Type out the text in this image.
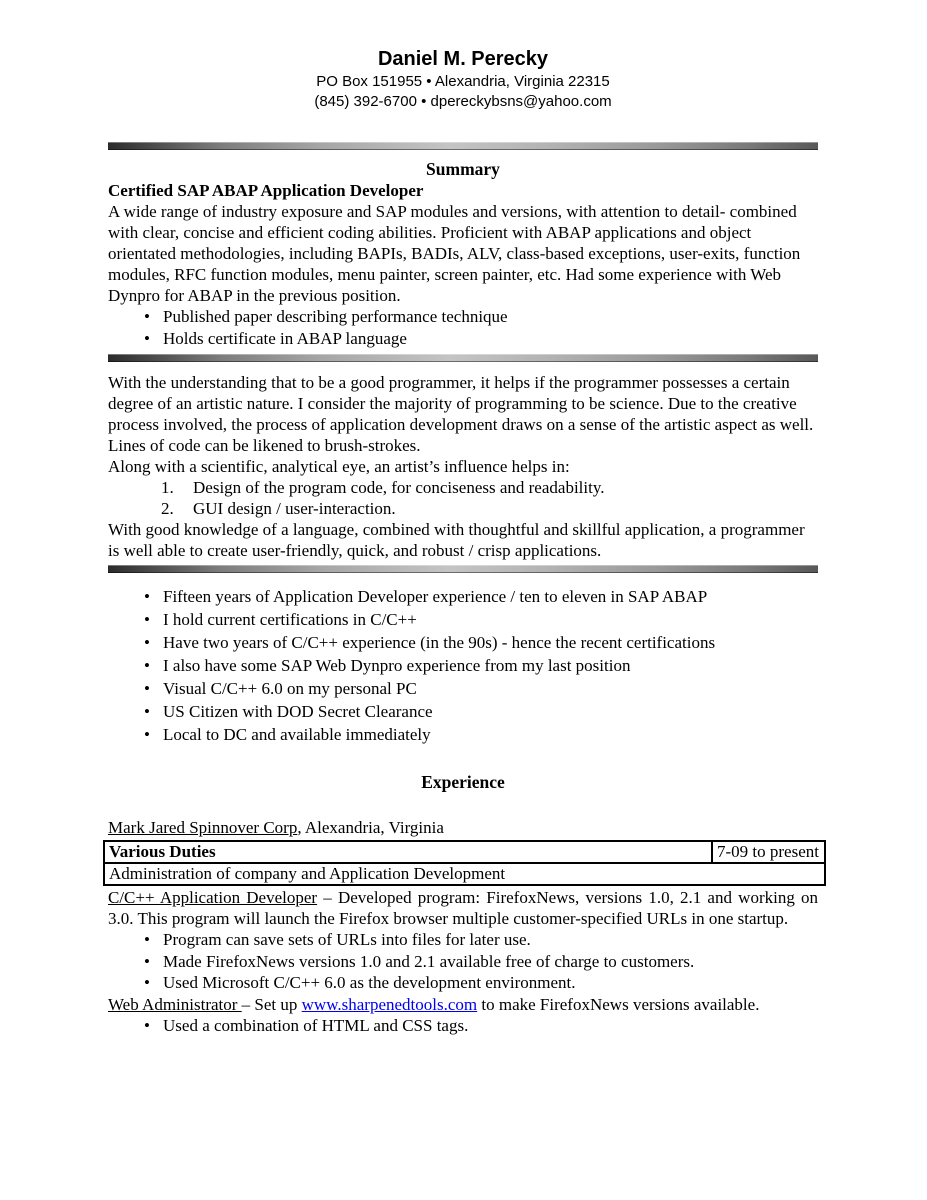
Daniel M. Perecky
PO Box 151955 • Alexandria, Virginia 22315
(845) 392-6700 • dpereckybsns@yahoo.com
Summary

Certified SAP ABAP Application Developer

A wide range of industry exposure and SAP modules and versions, with attention to detail- combined with clear, concise and efficient coding abilities. Proficient with ABAP applications and object orientated methodologies, including BAPIs, BADIs, ALV, class-based exceptions, user-exits, function modules, RFC function modules, menu painter, screen painter, etc. Had some experience with Web Dynpro for ABAP in the previous position.

• Published paper describing performance technique
• Holds certificate in ABAP language

With the understanding that to be a good programmer, it helps if the programmer possesses a certain degree of an artistic nature. I consider the majority of programming to be science. Due to the creative process involved, the process of application development draws on a sense of the artistic aspect as well. Lines of code can be likened to brush-strokes.

Along with a scientific, analytical eye, an artist’s influence helps in:

Design of the program code, for conciseness and readability.
GUI design / user-interaction.

With good knowledge of a language, combined with thoughtful and skillful application, a programmer is well able to create user-friendly, quick, and robust / crisp applications.

• Fifteen years of Application Developer experience / ten to eleven in SAP ABAP
• I hold current certifications in C/C++
• Have two years of C/C++ experience (in the 90s) - hence the recent certifications
• I also have some SAP Web Dynpro experience from my last position
• Visual C/C++ 6.0 on my personal PC
• US Citizen with DOD Secret Clearance
• Local to DC and available immediately
Experience

Mark Jared Spinnover Corp, Alexandria, Virginia

Various Duties	7-09 to present
Administration of company and Application Development

C/C++ Application Developer – Developed program: FirefoxNews, versions 1.0, 2.1 and working on 3.0. This program will launch the Firefox browser multiple customer-specified URLs in one startup.

• Program can save sets of URLs into files for later use.
• Made FirefoxNews versions 1.0 and 2.1 available free of charge to customers.
• Used Microsoft C/C++ 6.0 as the development environment.

Web Administrator – Set up www.sharpenedtools.com to make FirefoxNews versions available.

• Used a combination of HTML and CSS tags.
